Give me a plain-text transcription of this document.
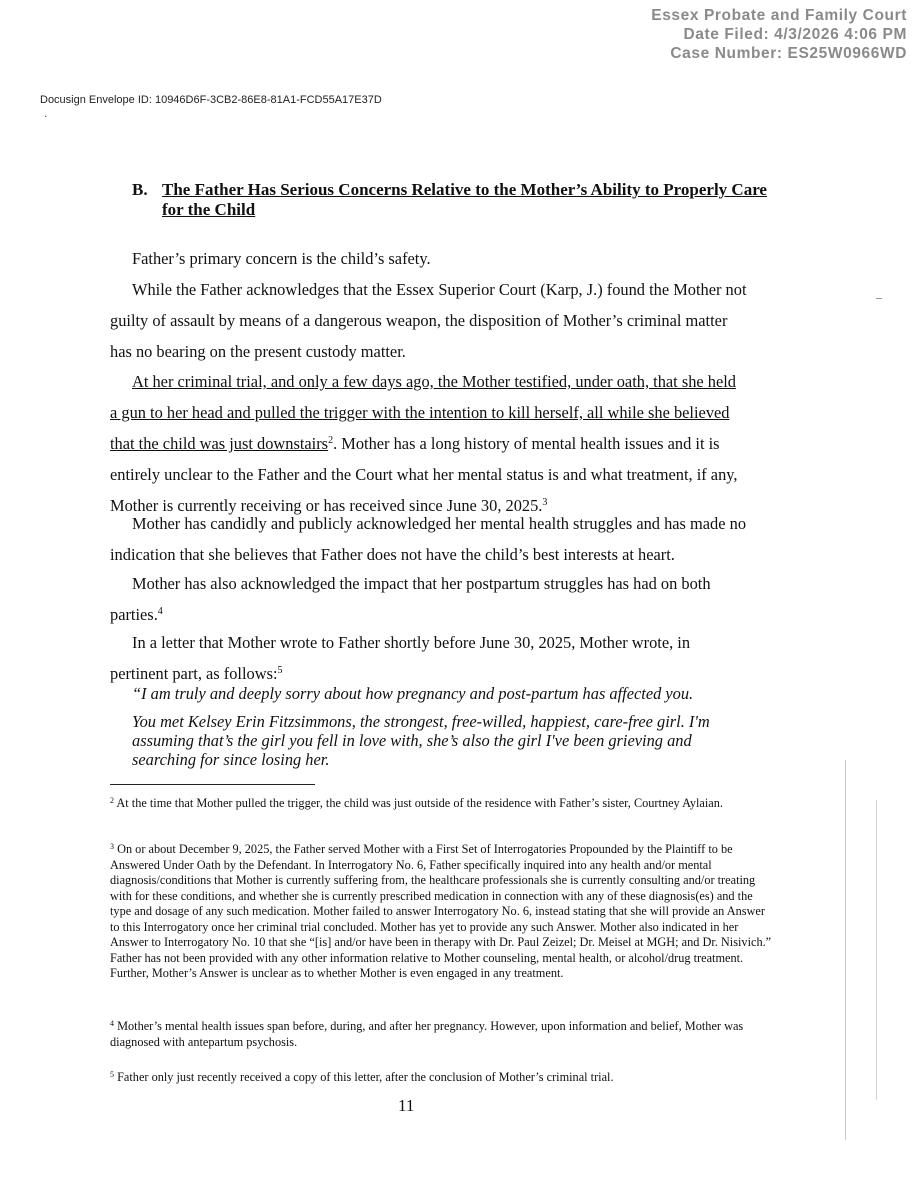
Essex Probate and Family Court
Date Filed: 4/3/2026 4:06 PM
Case Number: ES25W0966WD
Docusign Envelope ID: 10946D6F-3CB2-86E8-81A1-FCD55A17E37D
·
B. The Father Has Serious Concerns Relative to the Mother’s Ability to Properly Care
for the Child
Father’s primary concern is the child’s safety.
While the Father acknowledges that the Essex Superior Court (Karp, J.) found the Mother not
guilty of assault by means of a dangerous weapon, the disposition of Mother’s criminal matter
has no bearing on the present custody matter.
At her criminal trial, and only a few days ago, the Mother testified, under oath, that she held
a gun to her head and pulled the trigger with the intention to kill herself, all while she believed
that the child was just downstairs$^2$. Mother has a long history of mental health issues and it is
entirely unclear to the Father and the Court what her mental status is and what treatment, if any,
Mother is currently receiving or has received since June 30, 2025.$^3$
Mother has candidly and publicly acknowledged her mental health struggles and has made no
indication that she believes that Father does not have the child’s best interests at heart.
Mother has also acknowledged the impact that her postpartum struggles has had on both
parties.$^4$
In a letter that Mother wrote to Father shortly before June 30, 2025, Mother wrote, in
pertinent part, as follows:$^5$
“I am truly and deeply sorry about how pregnancy and post-partum has affected you.
You met Kelsey Erin Fitzsimmons, the strongest, free-willed, happiest, care-free girl. I'm
assuming that’s the girl you fell in love with, she’s also the girl I've been grieving and
searching for since losing her.
$^2$ At the time that Mother pulled the trigger, the child was just outside of the residence with Father’s sister, Courtney Aylaian.
$^3$ On or about December 9, 2025, the Father served Mother with a First Set of Interrogatories Propounded by the Plaintiff to be Answered Under Oath by the Defendant. In Interrogatory No. 6, Father specifically inquired into any health and/or mental diagnosis/conditions that Mother is currently suffering from, the healthcare professionals she is currently consulting and/or treating with for these conditions, and whether she is currently prescribed medication in connection with any of these diagnosis(es) and the type and dosage of any such medication. Mother failed to answer Interrogatory No. 6, instead stating that she will provide an Answer to this Interrogatory once her criminal trial concluded. Mother has yet to provide any such Answer. Mother also indicated in her Answer to Interrogatory No. 10 that she “[is] and/or have been in therapy with Dr. Paul Zeizel; Dr. Meisel at MGH; and Dr. Nisivich.” Father has not been provided with any other information relative to Mother counseling, mental health, or alcohol/drug treatment. Further, Mother’s Answer is unclear as to whether Mother is even engaged in any treatment.
$^4$ Mother’s mental health issues span before, during, and after her pregnancy. However, upon information and belief, Mother was diagnosed with antepartum psychosis.
$^5$ Father only just recently received a copy of this letter, after the conclusion of Mother’s criminal trial.
11
